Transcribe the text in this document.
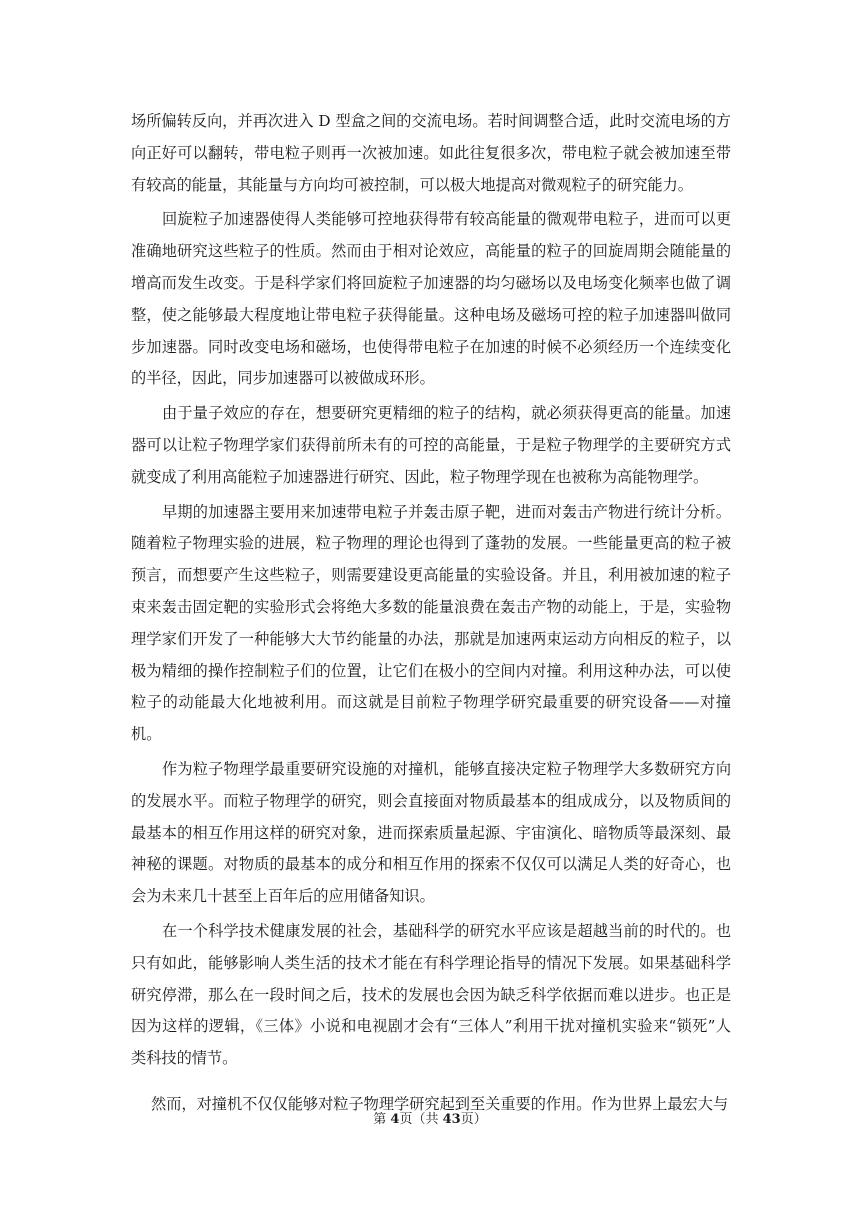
场所偏转反向，并再次进入 D 型盒之间的交流电场。若时间调整合适，此时交流电场的方向正好可以翻转，带电粒子则再一次被加速。如此往复很多次，带电粒子就会被加速至带有较高的能量，其能量与方向均可被控制，可以极大地提高对微观粒子的研究能力。

回旋粒子加速器使得人类能够可控地获得带有较高能量的微观带电粒子，进而可以更准确地研究这些粒子的性质。然而由于相对论效应，高能量的粒子的回旋周期会随能量的增高而发生改变。于是科学家们将回旋粒子加速器的均匀磁场以及电场变化频率也做了调整，使之能够最大程度地让带电粒子获得能量。这种电场及磁场可控的粒子加速器叫做同步加速器。同时改变电场和磁场，也使得带电粒子在加速的时候不必须经历一个连续变化的半径，因此，同步加速器可以被做成环形。

由于量子效应的存在，想要研究更精细的粒子的结构，就必须获得更高的能量。加速器可以让粒子物理学家们获得前所未有的可控的高能量，于是粒子物理学的主要研究方式就变成了利用高能粒子加速器进行研究、因此，粒子物理学现在也被称为高能物理学。

早期的加速器主要用来加速带电粒子并轰击原子靶，进而对轰击产物进行统计分析。随着粒子物理实验的进展，粒子物理的理论也得到了蓬勃的发展。一些能量更高的粒子被预言，而想要产生这些粒子，则需要建设更高能量的实验设备。并且，利用被加速的粒子束来轰击固定靶的实验形式会将绝大多数的能量浪费在轰击产物的动能上，于是，实验物理学家们开发了一种能够大大节约能量的办法，那就是加速两束运动方向相反的粒子，以极为精细的操作控制粒子们的位置，让它们在极小的空间内对撞。利用这种办法，可以使粒子的动能最大化地被利用。而这就是目前粒子物理学研究最重要的研究设备——对撞机。

作为粒子物理学最重要研究设施的对撞机，能够直接决定粒子物理学大多数研究方向的发展水平。而粒子物理学的研究，则会直接面对物质最基本的组成成分，以及物质间的最基本的相互作用这样的研究对象，进而探索质量起源、宇宙演化、暗物质等最深刻、最神秘的课题。对物质的最基本的成分和相互作用的探索不仅仅可以满足人类的好奇心，也会为未来几十甚至上百年后的应用储备知识。

在一个科学技术健康发展的社会，基础科学的研究水平应该是超越当前的时代的。也只有如此，能够影响人类生活的技术才能在有科学理论指导的情况下发展。如果基础科学研究停滞，那么在一段时间之后，技术的发展也会因为缺乏科学依据而难以进步。也正是因为这样的逻辑，《三体》小说和电视剧才会有“三体人”利用干扰对撞机实验来“锁死”人类科技的情节。

然而，对撞机不仅仅能够对粒子物理学研究起到至关重要的作用。作为世界上最宏大与

第 4页（共 43页）
